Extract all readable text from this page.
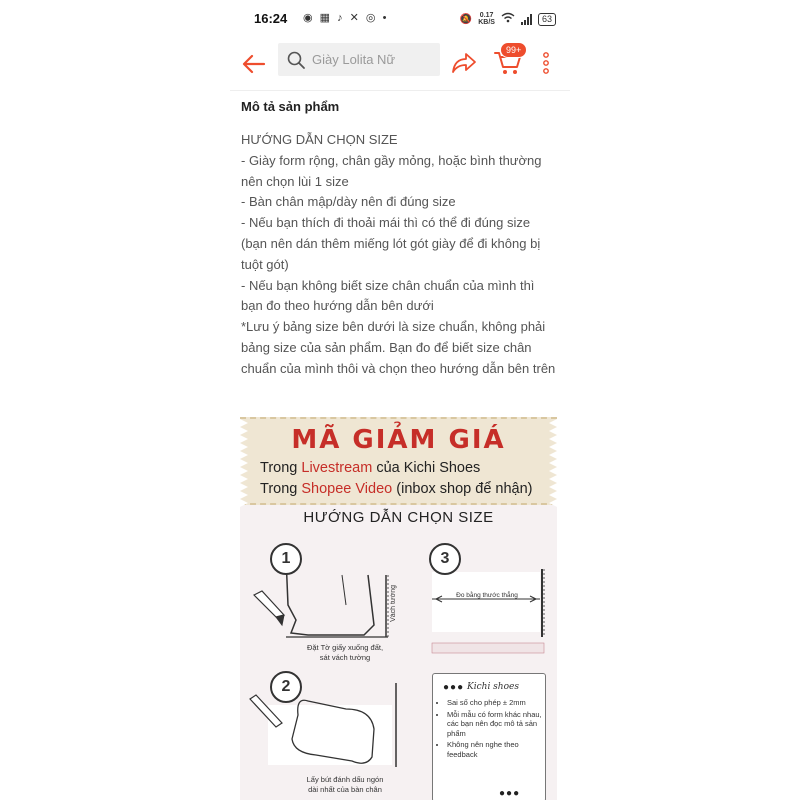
16:24 ◉ ▦ ♪ ✕ ◎ •	🔕 0.17
KB/S	63
Giày Lolita Nữ
99+
Mô tả sản phẩm

HƯỚNG DẪN CHỌN SIZE

- Giày form rộng, chân gầy mỏng, hoặc bình thường

nên chọn lùi 1 size

- Bàn chân mập/dày nên đi đúng size

- Nếu bạn thích đi thoải mái thì có thể đi đúng size

(bạn nên dán thêm miếng lót gót giày để đi không bị

tuột gót)

- Nếu bạn không biết size chân chuẩn của mình thì

bạn đo theo hướng dẫn bên dưới

*Lưu ý bảng size bên dưới là size chuẩn, không phải

bảng size của sản phẩm. Bạn đo để biết size chân

chuẩn của mình thôi và chọn theo hướng dẫn bên trên

MÃ GIẢM GIÁ
Trong Livestream của Kichi Shoes
Trong Shopee Video (inbox shop để nhận)
HƯỚNG DẪN CHỌN SIZE
1
Vách tường
Đặt Tờ giấy xuống đất,
sát vách tường
3
Đo bằng thước thẳng
2
Lấy bút đánh dấu ngón
dài nhất của bàn chân
●●● Kichi shoes
• Sai số cho phép ± 2mm
• Mỗi mẫu có form khác nhau, các bạn nên đọc mô tả sản phẩm
• Không nên nghe theo feedback
●●●
